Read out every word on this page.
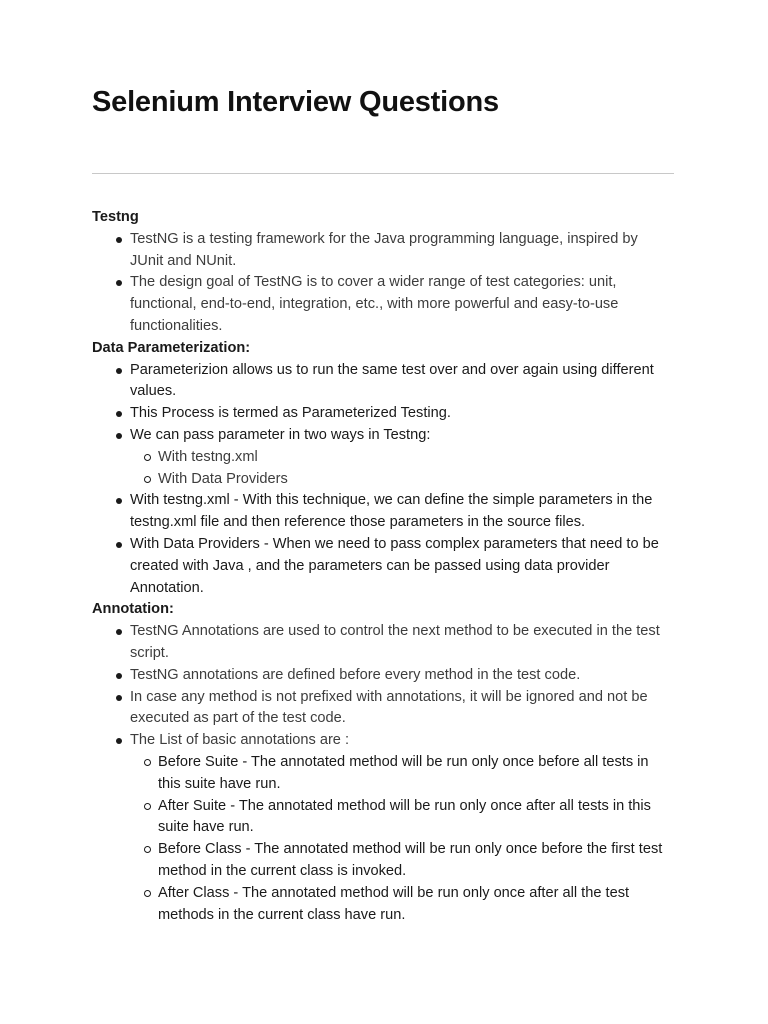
Selenium Interview Questions
Testng
TestNG is a testing framework for the Java programming language, inspired by JUnit and NUnit.
The design goal of TestNG is to cover a wider range of test categories: unit, functional, end-to-end, integration, etc., with more powerful and easy-to-use functionalities.
Data Parameterization:
Parameterizion allows us to run the same test over and over again using different values.
This Process is termed as Parameterized Testing.
We can pass parameter in two ways in Testng:
With testng.xml
With Data Providers
With testng.xml - With this technique, we can define the simple parameters in the testng.xml file and then reference those parameters in the source files.
With Data Providers - When we need to pass complex parameters that need to be created with Java , and the parameters can be passed using data provider Annotation.
Annotation:
TestNG Annotations are used to control the next method to be executed in the test script.
TestNG annotations are defined before every method in the test code.
In case any method is not prefixed with annotations, it will be ignored and not be executed as part of the test code.
The List of basic annotations are :
Before Suite - The annotated method will be run only once before all tests in this suite have run.
After Suite - The annotated method will be run only once after all tests in this suite have run.
Before Class - The annotated method will be run only once before the first test method in the current class is invoked.
After Class - The annotated method will be run only once after all the test methods in the current class have run.
